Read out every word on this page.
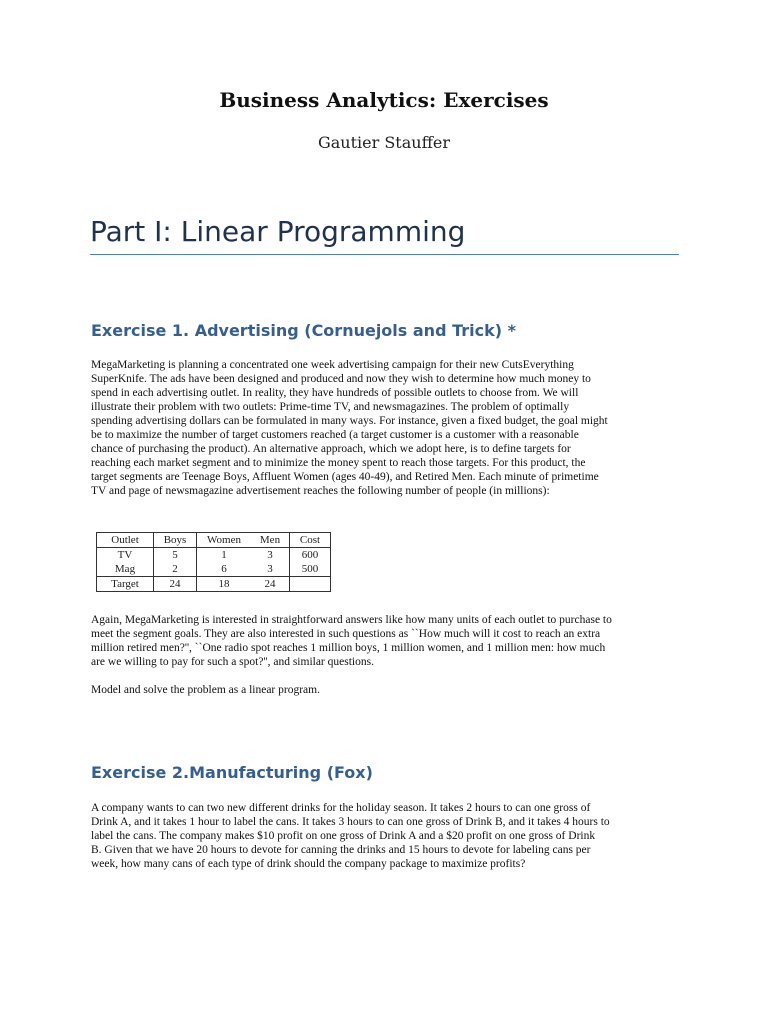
Business Analytics: Exercises
Gautier Stauffer
Part I: Linear Programming
Exercise 1. Advertising (Cornuejols and Trick) *
MegaMarketing is planning a concentrated one week advertising campaign for their new CutsEverything
SuperKnife. The ads have been designed and produced and now they wish to determine how much money to
spend in each advertising outlet. In reality, they have hundreds of possible outlets to choose from. We will
illustrate their problem with two outlets: Prime-time TV, and newsmagazines. The problem of optimally
spending advertising dollars can be formulated in many ways. For instance, given a fixed budget, the goal might
be to maximize the number of target customers reached (a target customer is a customer with a reasonable
chance of purchasing the product). An alternative approach, which we adopt here, is to define targets for
reaching each market segment and to minimize the money spent to reach those targets. For this product, the
target segments are Teenage Boys, Affluent Women (ages 40-49), and Retired Men. Each minute of primetime
TV and page of newsmagazine advertisement reaches the following number of people (in millions):
Outlet	Boys	Women	Men	Cost
TV	5	1	3	600
Mag	2	6	3	500
Target	24	18	24	
Again, MegaMarketing is interested in straightforward answers like how many units of each outlet to purchase to
meet the segment goals. They are also interested in such questions as ``How much will it cost to reach an extra
million retired men?'', ``One radio spot reaches 1 million boys, 1 million women, and 1 million men: how much
are we willing to pay for such a spot?'', and similar questions.
Model and solve the problem as a linear program.
Exercise 2.Manufacturing (Fox)
A company wants to can two new different drinks for the holiday season. It takes 2 hours to can one gross of
Drink A, and it takes 1 hour to label the cans. It takes 3 hours to can one gross of Drink B, and it takes 4 hours to
label the cans. The company makes $10 profit on one gross of Drink A and a $20 profit on one gross of Drink
B. Given that we have 20 hours to devote for canning the drinks and 15 hours to devote for labeling cans per
week, how many cans of each type of drink should the company package to maximize profits?
